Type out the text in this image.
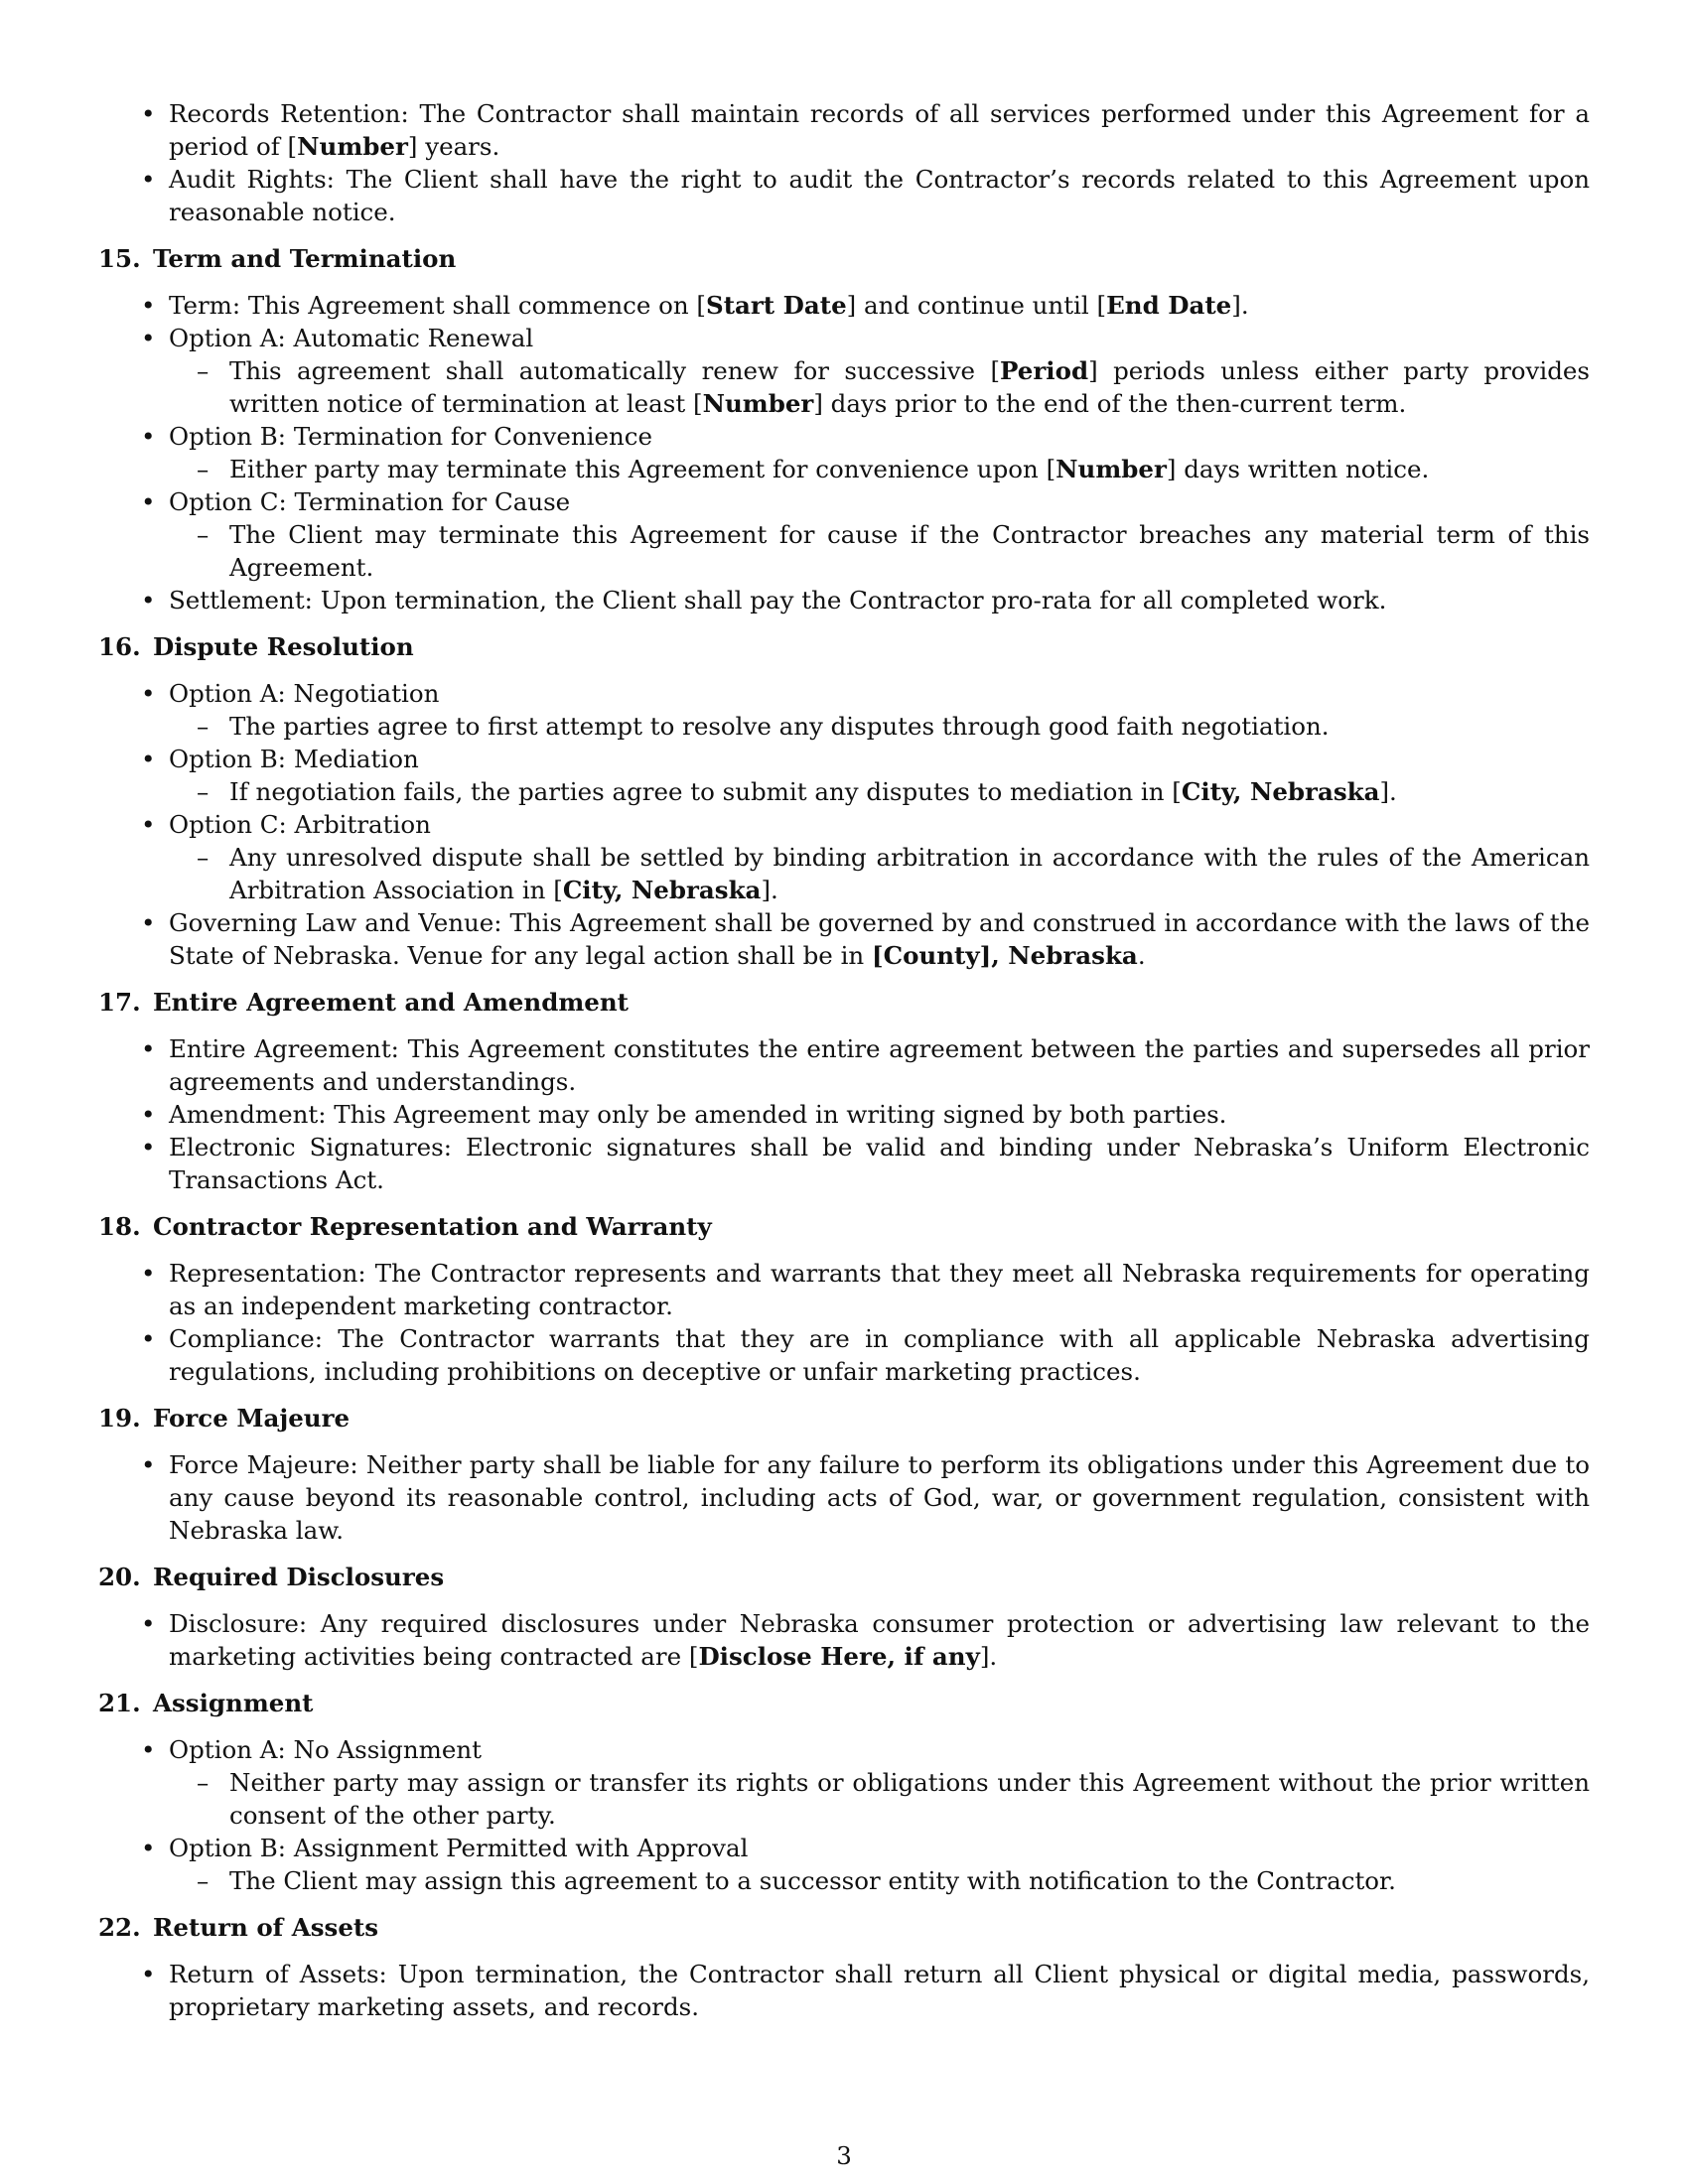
• Records Retention: The Contractor shall maintain records of all services performed under this Agreement for a period of [Number] years.
• Audit Rights: The Client shall have the right to audit the Contractor’s records related to this Agreement upon reasonable notice.
15. Term and Termination
• Term: This Agreement shall commence on [Start Date] and continue until [End Date].
• Option A: Automatic Renewal
– This agreement shall automatically renew for successive [Period] periods unless either party provides written notice of termination at least [Number] days prior to the end of the then-current term.
• Option B: Termination for Convenience
– Either party may terminate this Agreement for convenience upon [Number] days written notice.
• Option C: Termination for Cause
– The Client may terminate this Agreement for cause if the Contractor breaches any material term of this Agreement.
• Settlement: Upon termination, the Client shall pay the Contractor pro-rata for all completed work.
16. Dispute Resolution
• Option A: Negotiation
– The parties agree to first attempt to resolve any disputes through good faith negotiation.
• Option B: Mediation
– If negotiation fails, the parties agree to submit any disputes to mediation in [City, Nebraska].
• Option C: Arbitration
– Any unresolved dispute shall be settled by binding arbitration in accordance with the rules of the American Arbitration Association in [City, Nebraska].
• Governing Law and Venue: This Agreement shall be governed by and construed in accordance with the laws of the State of Nebraska. Venue for any legal action shall be in [County], Nebraska.
17. Entire Agreement and Amendment
• Entire Agreement: This Agreement constitutes the entire agreement between the parties and supersedes all prior agreements and understandings.
• Amendment: This Agreement may only be amended in writing signed by both parties.
• Electronic Signatures: Electronic signatures shall be valid and binding under Nebraska’s Uniform Electronic Transactions Act.
18. Contractor Representation and Warranty
• Representation: The Contractor represents and warrants that they meet all Nebraska requirements for operating as an independent marketing contractor.
• Compliance: The Contractor warrants that they are in compliance with all applicable Nebraska advertising regulations, including prohibitions on deceptive or unfair marketing practices.
19. Force Majeure
• Force Majeure: Neither party shall be liable for any failure to perform its obligations under this Agreement due to any cause beyond its reasonable control, including acts of God, war, or government regulation, consistent with Nebraska law.
20. Required Disclosures
• Disclosure: Any required disclosures under Nebraska consumer protection or advertising law relevant to the marketing activities being contracted are [Disclose Here, if any].
21. Assignment
• Option A: No Assignment
– Neither party may assign or transfer its rights or obligations under this Agreement without the prior written consent of the other party.
• Option B: Assignment Permitted with Approval
– The Client may assign this agreement to a successor entity with notification to the Contractor.
22. Return of Assets
• Return of Assets: Upon termination, the Contractor shall return all Client physical or digital media, passwords, proprietary marketing assets, and records.
3
